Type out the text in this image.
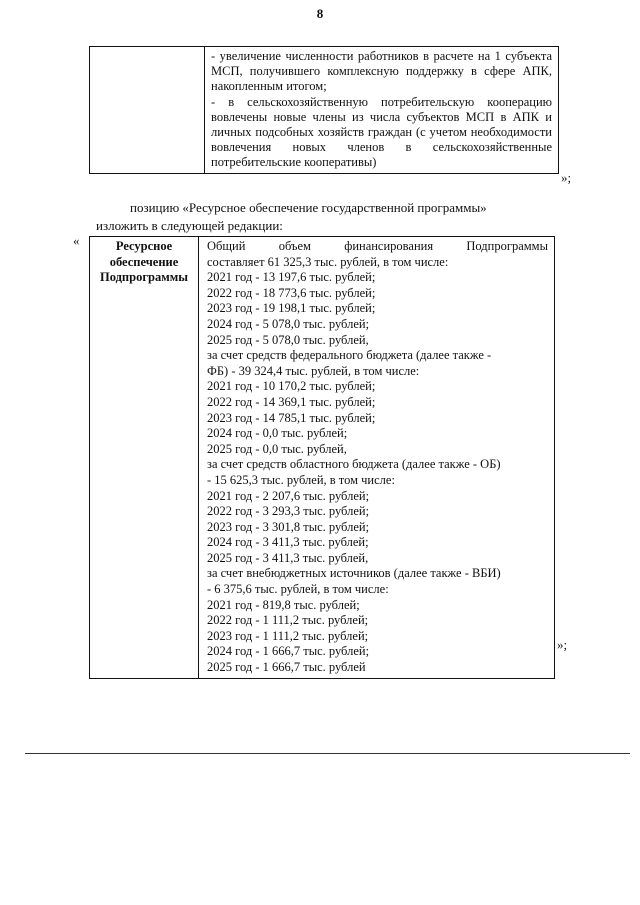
8

- увеличение численности работников в расчете на 1 субъекта МСП, получившего комплексную поддержку в сфере АПК, накопленным итогом;

- в сельскохозяйственную потребительскую кооперацию вовлечены новые члены из числа субъектов МСП в АПК и личных подсобных хозяйств граждан (с учетом необходимости вовлечения новых членов в сельскохозяйственные потребительские кооперативы)

»;
позицию «Ресурсное обеспечение государственной программы»
изложить в следующей редакции:
«	Ресурсное обеспечение Подпрограммы	
Общий объем финансирования Подпрограммы
составляет 61 325,3 тыс. рублей, в том числе:
2021 год - 13 197,6 тыс. рублей;
2022 год - 18 773,6 тыс. рублей;
2023 год - 19 198,1 тыс. рублей;
2024 год - 5 078,0 тыс. рублей;
2025 год - 5 078,0 тыс. рублей,
за счет средств федерального бюджета (далее также -
ФБ) - 39 324,4 тыс. рублей, в том числе:
2021 год - 10 170,2 тыс. рублей;
2022 год - 14 369,1 тыс. рублей;
2023 год - 14 785,1 тыс. рублей;
2024 год - 0,0 тыс. рублей;
2025 год - 0,0 тыс. рублей,
за счет средств областного бюджета (далее также - ОБ)
- 15 625,3 тыс. рублей, в том числе:
2021 год - 2 207,6 тыс. рублей;
2022 год - 3 293,3 тыс. рублей;
2023 год - 3 301,8 тыс. рублей;
2024 год - 3 411,3 тыс. рублей;
2025 год - 3 411,3 тыс. рублей,
за счет внебюджетных источников (далее также - ВБИ)
- 6 375,6 тыс. рублей, в том числе:
2021 год - 819,8 тыс. рублей;
2022 год - 1 111,2 тыс. рублей;
2023 год - 1 111,2 тыс. рублей;
2024 год - 1 666,7 тыс. рублей;
2025 год - 1 666,7 тыс. рублей
»;
